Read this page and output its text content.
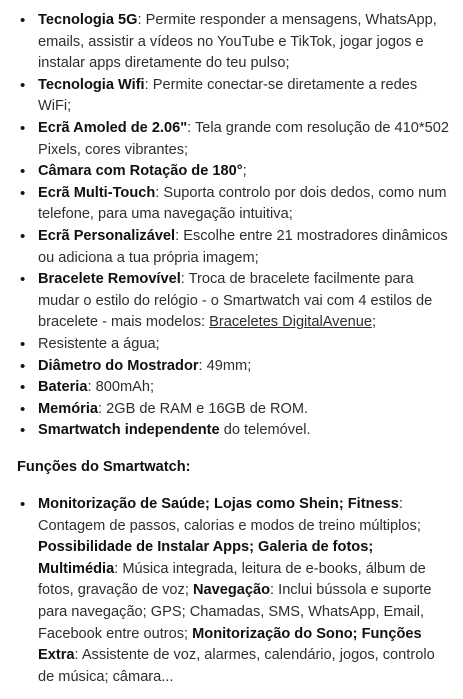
• Tecnologia 5G: Permite responder a mensagens, WhatsApp, emails, assistir a vídeos no YouTube e TikTok, jogar jogos e instalar apps diretamente do teu pulso;
• Tecnologia Wifi: Permite conectar-se diretamente a redes WiFi;
• Ecrã Amoled de 2.06": Tela grande com resolução de 410*502 Pixels, cores vibrantes;
• Câmara com Rotação de 180°;
• Ecrã Multi-Touch: Suporta controlo por dois dedos, como num telefone, para uma navegação intuitiva;
• Ecrã Personalizável: Escolhe entre 21 mostradores dinâmicos ou adiciona a tua própria imagem;
• Bracelete Removível: Troca de bracelete facilmente para mudar o estilo do relógio - o Smartwatch vai com 4 estilos de bracelete - mais modelos: Braceletes DigitalAvenue;
• Resistente a água;
• Diâmetro do Mostrador: 49mm;
• Bateria: 800mAh;
• Memória: 2GB de RAM e 16GB de ROM.
• Smartwatch independente do telemóvel.
Funções do Smartwatch:
• Monitorização de Saúde; Lojas como Shein; Fitness: Contagem de passos, calorias e modos de treino múltiplos; Possibilidade de Instalar Apps; Galeria de fotos; Multimédia: Música integrada, leitura de e-books, álbum de fotos, gravação de voz; Navegação: Inclui bússola e suporte para navegação; GPS; Chamadas, SMS, WhatsApp, Email, Facebook entre outros; Monitorização do Sono; Funções Extra: Assistente de voz, alarmes, calendário, jogos, controlo de música; câmara...
